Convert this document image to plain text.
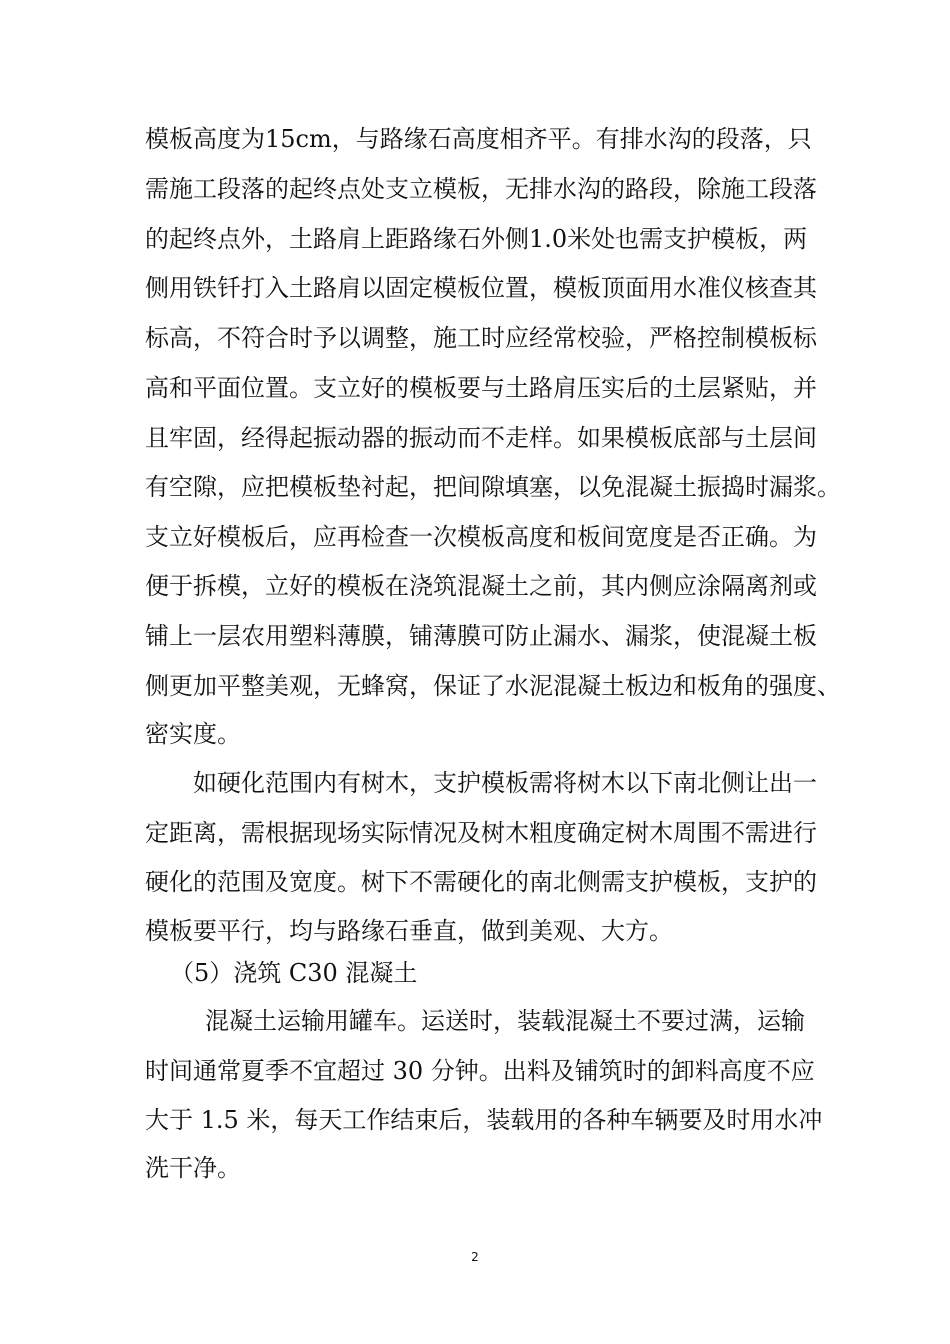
模板高度为15cm，与路缘石高度相齐平。有排水沟的段落，只

需施工段落的起终点处支立模板，无排水沟的路段，除施工段落

的起终点外，土路肩上距路缘石外侧1.0米处也需支护模板，两

侧用铁钎打入土路肩以固定模板位置，模板顶面用水准仪核查其

标高，不符合时予以调整，施工时应经常校验，严格控制模板标

高和平面位置。支立好的模板要与土路肩压实后的土层紧贴，并

且牢固，经得起振动器的振动而不走样。如果模板底部与土层间

有空隙，应把模板垫衬起，把间隙填塞，以免混凝土振捣时漏浆。

支立好模板后，应再检查一次模板高度和板间宽度是否正确。为

便于拆模，立好的模板在浇筑混凝土之前，其内侧应涂隔离剂或

铺上一层农用塑料薄膜，铺薄膜可防止漏水、漏浆，使混凝土板

侧更加平整美观，无蜂窝，保证了水泥混凝土板边和板角的强度、

密实度。

如硬化范围内有树木，支护模板需将树木以下南北侧让出一

定距离，需根据现场实际情况及树木粗度确定树木周围不需进行

硬化的范围及宽度。树下不需硬化的南北侧需支护模板，支护的

模板要平行，均与路缘石垂直，做到美观、大方。

（5）浇筑 C30 混凝土

混凝土运输用罐车。运送时，装载混凝土不要过满，运输

时间通常夏季不宜超过 30 分钟。出料及铺筑时的卸料高度不应

大于 1.5 米，每天工作结束后，装载用的各种车辆要及时用水冲

洗干净。

2
